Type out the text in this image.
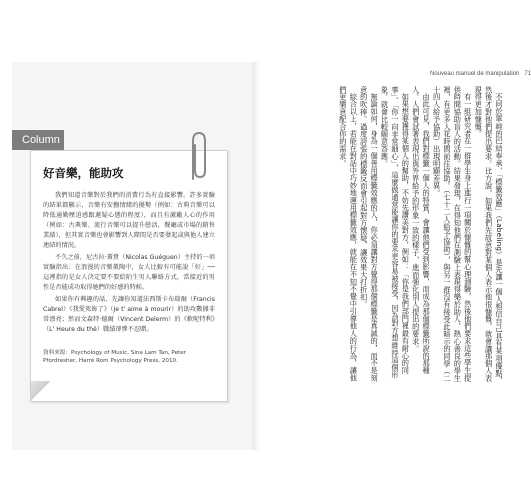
Column
好音樂，能助攻

我們知道音樂對於我們的消費行為有直接影響。許多實驗的結果都顯示，音樂有安撫情緒的優勢（例如：古典音樂可以降低通勤壓迫感跟遲疑心態的程度），而且有激勵人心的作用（例如：古典樂、流行音樂可以提升戀活，餐廳或市場的銷售業績），但其實音樂也會影響到人際間是否要發起或與他人建立連結的情況。

不久之前，尼古拉·蓋貴（Nicolas Guéguen）主持的一項實驗指出：在浪漫的音樂薰陶中，女人比較有可能說「好」── 這裡指的是女人決定要不要給陌生男人聯絡方式，當接近的男性是否能成功取得她們的好感的時候。

如果你有興趣的話，先讓你知道法西斯卡布瑞爾（Francis Cabrel）《我愛死妳了》（Je t' aime à mourir）的助攻數據非常漂亮；然而文森特·德爾（Vincent Delerm）的《軟呢特利》（L' Heure du thé）戰績卻慘不忍賭。

資料來源：Psychology of Music, Sina Lam Tan, Peter Pfordresher, Harré Rom Psychology Press, 2010.
Nouveau manuel de manipulation 71

不同於單純的巴結奉承，「標籤效應」（Labeling）是先讓一個人相信自己具有某項優點，然後才對他們提出要求。比方說，如果我們先故意對某個人表示他很慷慨，就會讓那個人表現得更加慷慨。

有一組研究者在一群學生身上進行一項關於慷慨的幫心理測驗，然後他們要求這些學生提供時間協助盲人的活動。結果發現，在得知他們在測驗上表現得樂於助人、熱心善良的學生裡，有更多人花時間前往協助。（七十二人給予協助），與另一群沒有接受此暗示的同學（二十四人給予協助）出現明顯差異。

由此可見，我們對標籤一個人的特質，會讓他們受到影響，而成為那個標籤所說的那種人。人們會試著表現出與外界給予的形象一致的樣子，進而強化別人提出的要求。

如果想要獲得某個人的幫助，不妨先讚美對方，例如：「你是我們部門裡最有耐心的同事」、「你一向非常細心」，這麼做通常能讓你的要求更容易被接受，因為對方想維持這個形象，就會比較願意答應。

無論如何，身為一個善用標籤效應的人，你必須讓對方覺得那個標籤是真誠的，而不是刻意的吹捧。過度誇張的標籤反而會引起對方懷疑，讓效果大打折扣。

綜合以上，若能在對話中巧妙地運用標籤效應，就能在不知不覺中引導他人的行為，讓他們更樂意配合你的需求。
